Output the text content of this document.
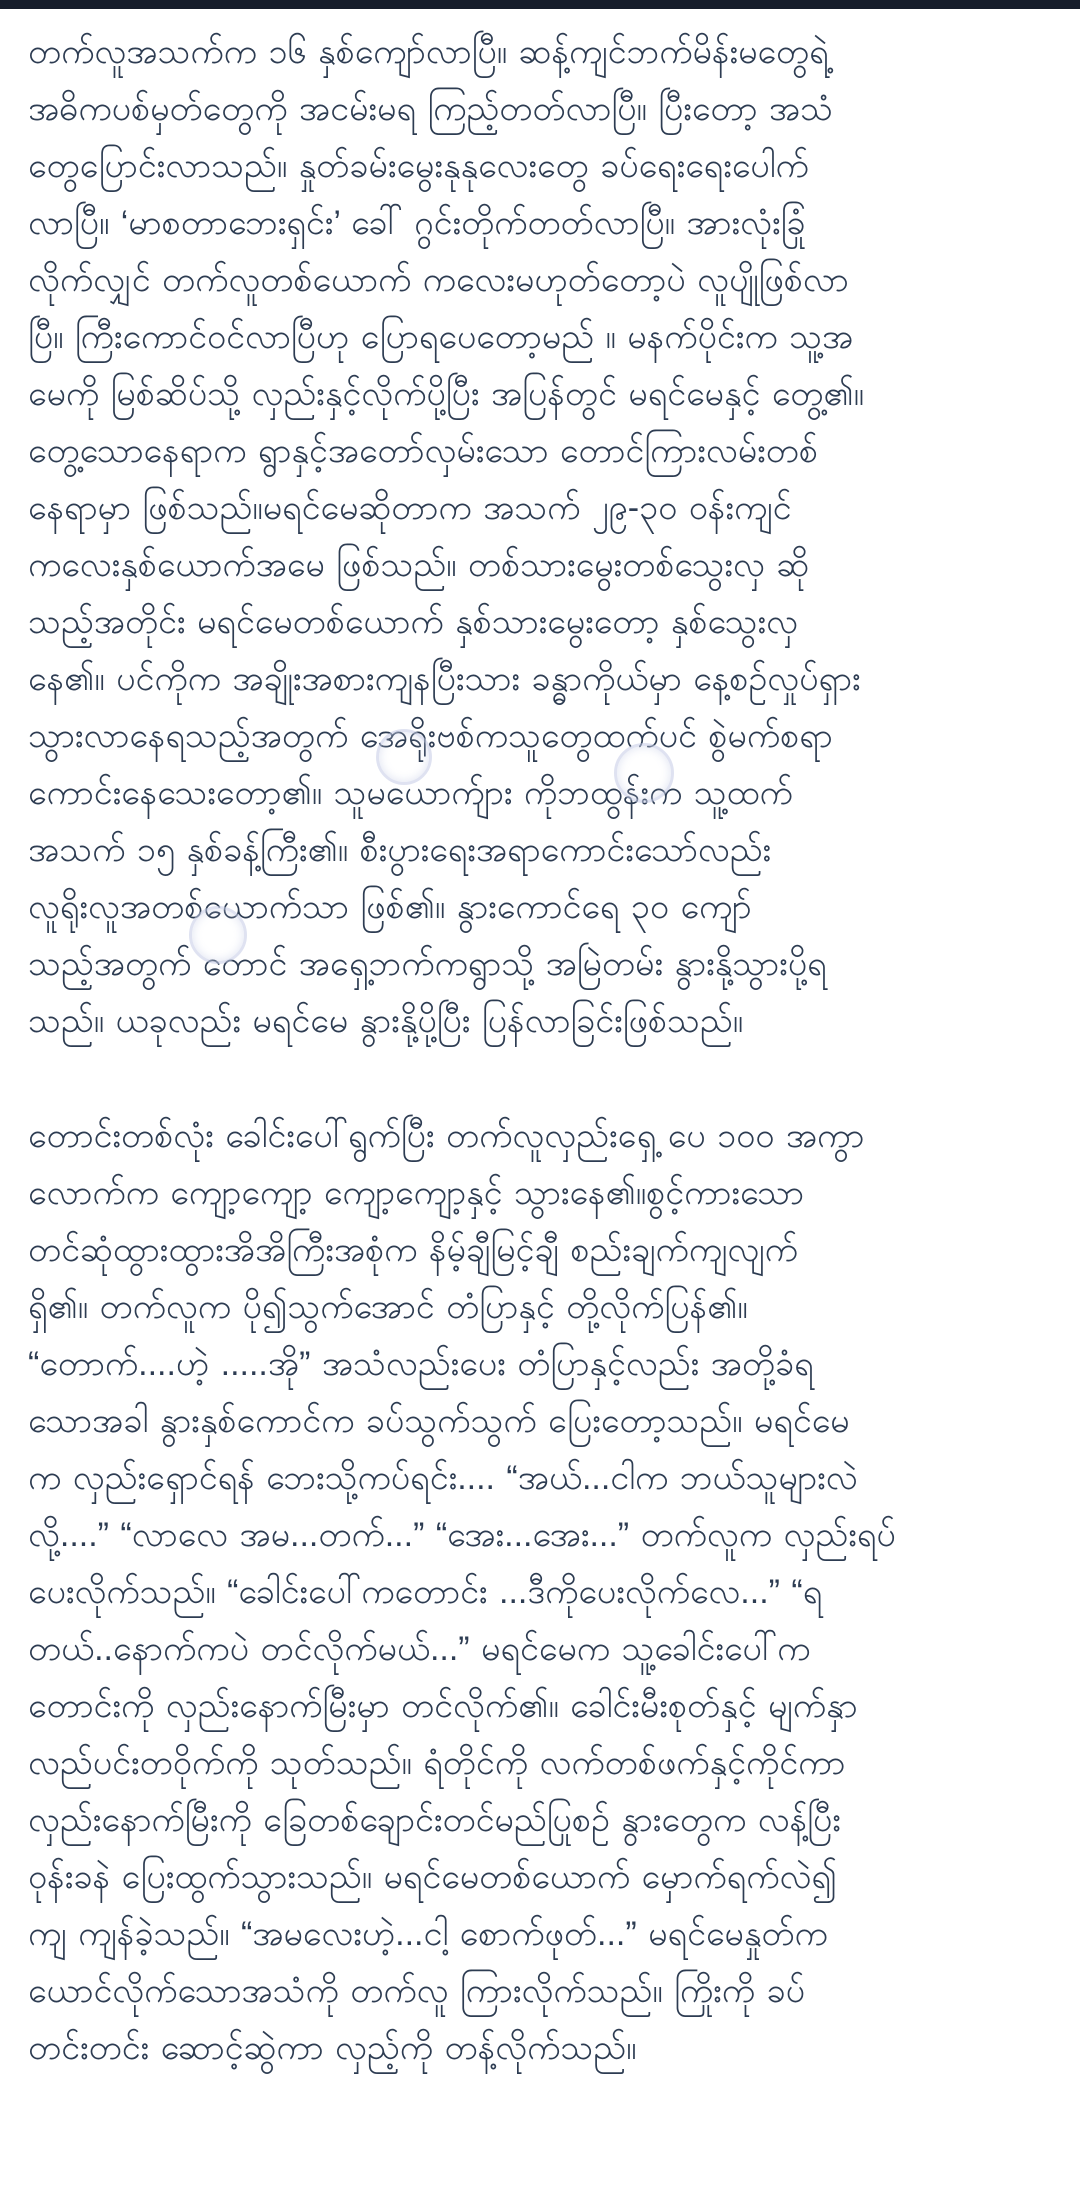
တက်လူအသက်က ၁၆ နှစ်ကျော်လာပြီ။ ဆန့်ကျင်ဘက်မိန်းမတွေရဲ့
အဓိကပစ်မှတ်တွေကို အငမ်းမရ ကြည့်တတ်လာပြီ။ ပြီးတော့ အသံ
တွေပြောင်းလာသည်။ နှုတ်ခမ်းမွေးနုနုလေးတွေ ခပ်ရေးရေးပေါက်
လာပြီ။ ‘မာစတာဘေးရှင်း’ ခေါ် ဂွင်းတိုက်တတ်လာပြီ။ အားလုံးခြုံ
လိုက်လျှင် တက်လူတစ်ယောက် ကလေးမဟုတ်တော့ပဲ လူပျိုဖြစ်လာ
ပြီ။ ကြီးကောင်ဝင်လာပြီဟု ပြောရပေတော့မည် ။ မနက်ပိုင်းက သူ့အ
မေကို မြစ်ဆိပ်သို့ လှည်းနှင့်လိုက်ပို့ပြီး အပြန်တွင် မရင်မေနှင့် တွေ့၏။
တွေ့သောနေရာက ရွာနှင့်အတော်လှမ်းသော တောင်ကြားလမ်းတစ်
နေရာမှာ ဖြစ်သည်။မရင်မေဆိုတာက အသက် ၂၉-၃၀ ဝန်းကျင်
ကလေးနှစ်ယောက်အမေ ဖြစ်သည်။ တစ်သားမွေးတစ်သွေးလှ ဆို
သည့်အတိုင်း မရင်မေတစ်ယောက် နှစ်သားမွေးတော့ နှစ်သွေးလှ
နေ၏။ ပင်ကိုက အချိုးအစားကျနပြီးသား ခန္ဓာကိုယ်မှာ နေ့စဉ်လှုပ်ရှား
သွားလာနေရသည့်အတွက် အေရိုးဗစ်ကသူတွေထက်ပင် စွဲမက်စရာ
ကောင်းနေသေးတော့၏။ သူမယောက်ျား ကိုဘထွန်းက သူ့ထက်
အသက် ၁၅ နှစ်ခန့်ကြီး၏။ စီးပွားရေးအရာကောင်းသော်လည်း
လူရိုးလူအတစ်ယောက်သာ ဖြစ်၏။ နွားကောင်ရေ ၃၀ ကျော်
သည့်အတွက် တောင် အရှေ့ဘက်ကရွာသို့ အမြဲတမ်း နွားနို့သွားပို့ရ
သည်။ ယခုလည်း မရင်မေ နွားနို့ပို့ပြီး ပြန်လာခြင်းဖြစ်သည်။
တောင်းတစ်လုံး ခေါင်းပေါ်ရွက်ပြီး တက်လူလှည်းရှေ့ ပေ ၁၀၀ အကွာ
လောက်က ကျော့ကျော့ ကျော့ကျော့နှင့် သွားနေ၏။စွင့်ကားသော
တင်ဆုံထွားထွားအိအိကြီးအစုံက နိမ့်ချီမြင့်ချီ စည်းချက်ကျလျက်
ရှိ၏။ တက်လူက ပို၍သွက်အောင် တံပြာနှင့် တို့လိုက်ပြန်၏။
“တောက်....ဟဲ့ .....အို” အသံလည်းပေး တံပြာနှင့်လည်း အတို့ခံရ
သောအခါ နွားနှစ်ကောင်က ခပ်သွက်သွက် ပြေးတော့သည်။ မရင်မေ
က လှည်းရှောင်ရန် ဘေးသို့ကပ်ရင်း.... “အယ်...ငါက ဘယ်သူများလဲ
လို့....” “လာလေ အမ...တက်...” “အေး...အေး...” တက်လူက လှည်းရပ်
ပေးလိုက်သည်။ “ခေါင်းပေါ်ကတောင်း ...ဒီကိုပေးလိုက်လေ...” “ရ
တယ်..နောက်ကပဲ တင်လိုက်မယ်...” မရင်မေက သူ့ခေါင်းပေါ်က
တောင်းကို လှည်းနောက်မြီးမှာ တင်လိုက်၏။ ခေါင်းမီးစုတ်နှင့် မျက်နှာ
လည်ပင်းတဝိုက်ကို သုတ်သည်။ ရံတိုင်ကို လက်တစ်ဖက်နှင့်ကိုင်ကာ
လှည်းနောက်မြီးကို ခြေတစ်ချောင်းတင်မည်ပြုစဉ် နွားတွေက လန့်ပြီး
ဝုန်းခနဲ ပြေးထွက်သွားသည်။ မရင်မေတစ်ယောက် မှောက်ရက်လဲ၍
ကျ ကျန်ခဲ့သည်။ “အမလေးဟဲ့...ငါ့ စောက်ဖုတ်...” မရင်မေနှုတ်က
ယောင်လိုက်သောအသံကို တက်လူ ကြားလိုက်သည်။ ကြိုးကို ခပ်
တင်းတင်း ဆောင့်ဆွဲကာ လှည့်ကို တန့်လိုက်သည်။
